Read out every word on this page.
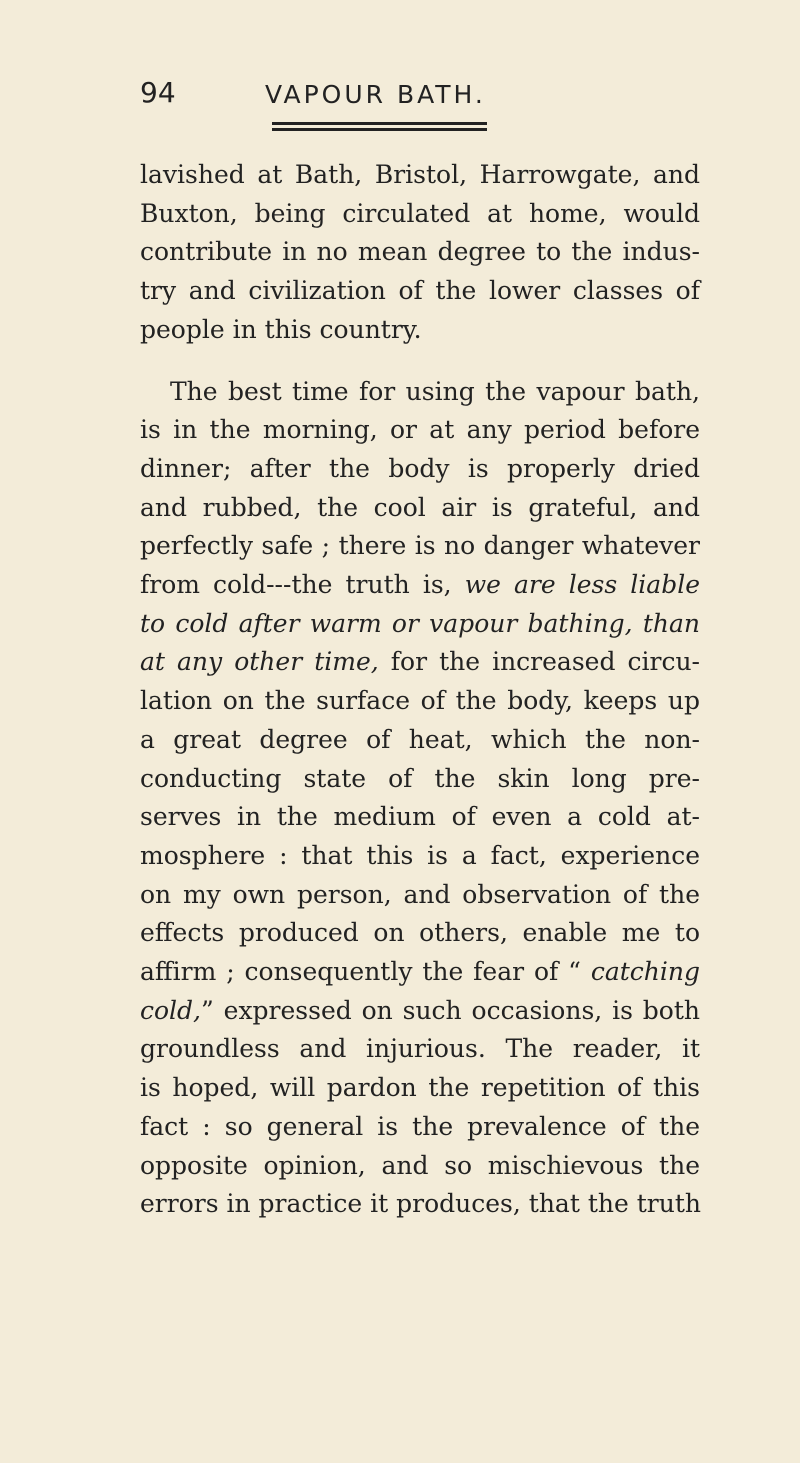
94	VAPOUR BATH.
lavished at Bath, Bristol, Harrowgate, and
Buxton, being circulated at home, would
contribute in no mean degree to the indus-
try and civilization of the lower classes of
people in this country.
The best time for using the vapour bath,
is in the morning, or at any period before
dinner; after the body is properly dried
and rubbed, the cool air is grateful, and
perfectly safe ; there is no danger whatever
from cold---the truth is, we are less liable
to cold after warm or vapour bathing, than
at any other time, for the increased circu-
lation on the surface of the body, keeps up
a great degree of heat, which the non-
conducting state of the skin long pre-
serves in the medium of even a cold at-
mosphere : that this is a fact, experience
on my own person, and observation of the
effects produced on others, enable me to
affirm ; consequently the fear of “ catching
cold,” expressed on such occasions, is both
groundless and injurious. The reader, it
is hoped, will pardon the repetition of this
fact : so general is the prevalence of the
opposite opinion, and so mischievous the
errors in practice it produces, that the truth
